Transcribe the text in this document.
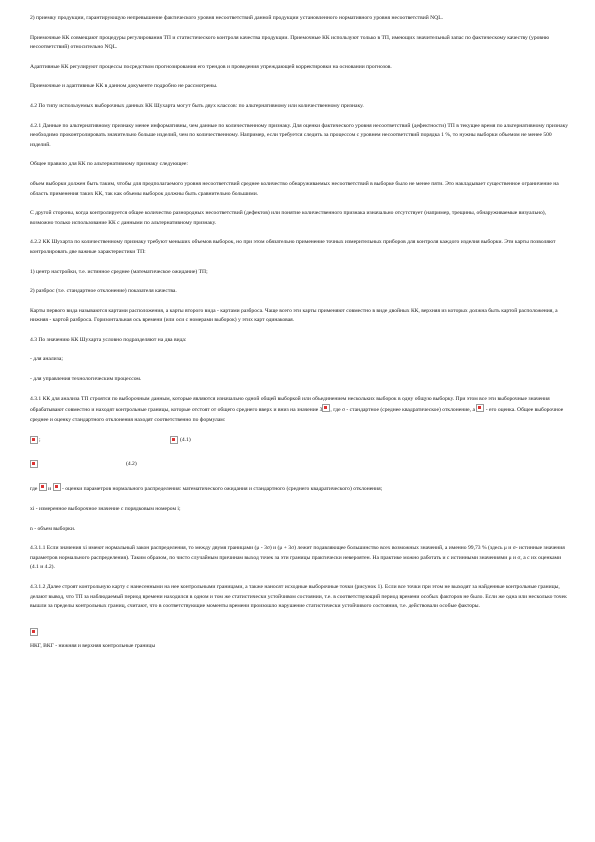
2) приемку продукции, гарантирующую непревышение фактического уровня несоответствий данной продукции установленного нормативного уровня несоответствий NQL.

Приемочные КК совмещают процедуры регулирования ТП и статистического контроля качества продукции. Приемочные КК используют только в ТП, имеющих значительный запас по фактическому качеству (уровню несоответствий) относительно NQL.

Адаптивные КК регулируют процессы посредством прогнозирования его трендов и проведения упреждающей корректировки на основании прогнозов.

Приемочные и адаптивные КК в данном документе подробно не рассмотрены.

4.2 По типу используемых выборочных данных КК Шухарта могут быть двух классов: по альтернативному или количественному признаку.

4.2.1 Данные по альтернативному признаку менее информативны, чем данные по количественному признаку. Для оценки фактического уровня несоответствий (дефектности) ТП в текущее время по альтернативному признаку необходимо проконтролировать значительно больше изделий, чем по количественному. Например, если требуется следить за процессом с уровнем несоответствий порядка 1 %, то нужны выборки объемом не менее 500 изделий.

Общее правило для КК по альтернативному признаку следующее:

объем выборки должен быть таким, чтобы для предполагаемого уровня несоответствий среднее количество обнаруживаемых несоответствий в выборке было не менее пяти. Это накладывает существенное ограничение на область применения таких КК, так как объемы выборок должны быть сравнительно большими.

С другой стороны, когда контролируется общее количество разнородных несоответствий (дефектов) или понятие количественного признака изначально отсутствует (например, трещины, обнаруживаемые визуально), возможно только использование КК с данными по альтернативному признаку.

4.2.2 КК Шухарта по количественному признаку требуют меньших объемов выборок, но при этом обязательно применение точных измерительных приборов для контроля каждого изделия выборки. Эти карты позволяют контролировать две важные характеристики ТП:

1) центр настройки, т.е. истинное среднее (математическое ожидание) ТП;

2) разброс (т.е. стандартное отклонение) показателя качества.

Карты первого вида называются картами расположения, а карты второго вида - картами разброса. Чаще всего эти карты применяют совместно в виде двойных КК, верхняя из которых должна быть картой расположения, а нижняя - картой разброса. Горизонтальная ось времени (или оси с номерами выборок) у этих карт одинаковая.

4.3 По значению КК Шухарта условно подразделяют на два вида:

- для анализа;

- для управления технологическим процессом.

4.3.1 КК для анализа ТП строятся по выборочным данным, которые являются изначально одной общей выборкой или объединением нескольких выборок в одну общую выборку. При этом все эти выборочные значения обрабатывают совместно и находят контрольные границы, которые отстоят от общего среднего вверх и вниз на значение 3 , где σ - стандартное (среднее квадратическое) отклонение, а  - его оценка. Общее выборочное среднее и оценку стандартного отклонения находят соответственно по формулам:

;	(4.1)
(4.2)

где  и  - оценки параметров нормального распределения: математического ожидания и стандартного (среднего квадратического) отклонения;

xi - измеренное выборочное значение с порядковым номером i;

n - объем выборки.

4.3.1.1 Если значения xi имеют нормальный закон распределения, то между двумя границами (μ - 3σ) и (μ + 3σ) лежит подавляющее большинство всех возможных значений, а именно 99,73 % (здесь μ и σ- истинные значения параметров нормального распределения). Таким образом, по чисто случайным причинам выход точек за эти границы практически невероятен. На практике можно работать и с истинными значениями μ и σ, а с их оценками (4.1 и 4.2).

4.3.1.2 Далее строят контрольную карту с нанесенными на нее контрольными границами, а также наносят исходные выборочные точки (рисунок 1). Если все точки при этом не выходят за найденные контрольные границы, делают вывод, что ТП за наблюдаемый период времени находился в одном и том же статистически устойчивом состоянии, т.е. в соответствующий период времени особых факторов не было. Если же одна или несколько точек вышли за пределы контрольных границ, считают, что в соответствующие моменты времени произошло нарушение статистически устойчивого состояния, т.е. действовали особые факторы.

НКГ, ВКГ - нижняя и верхняя контрольные границы
